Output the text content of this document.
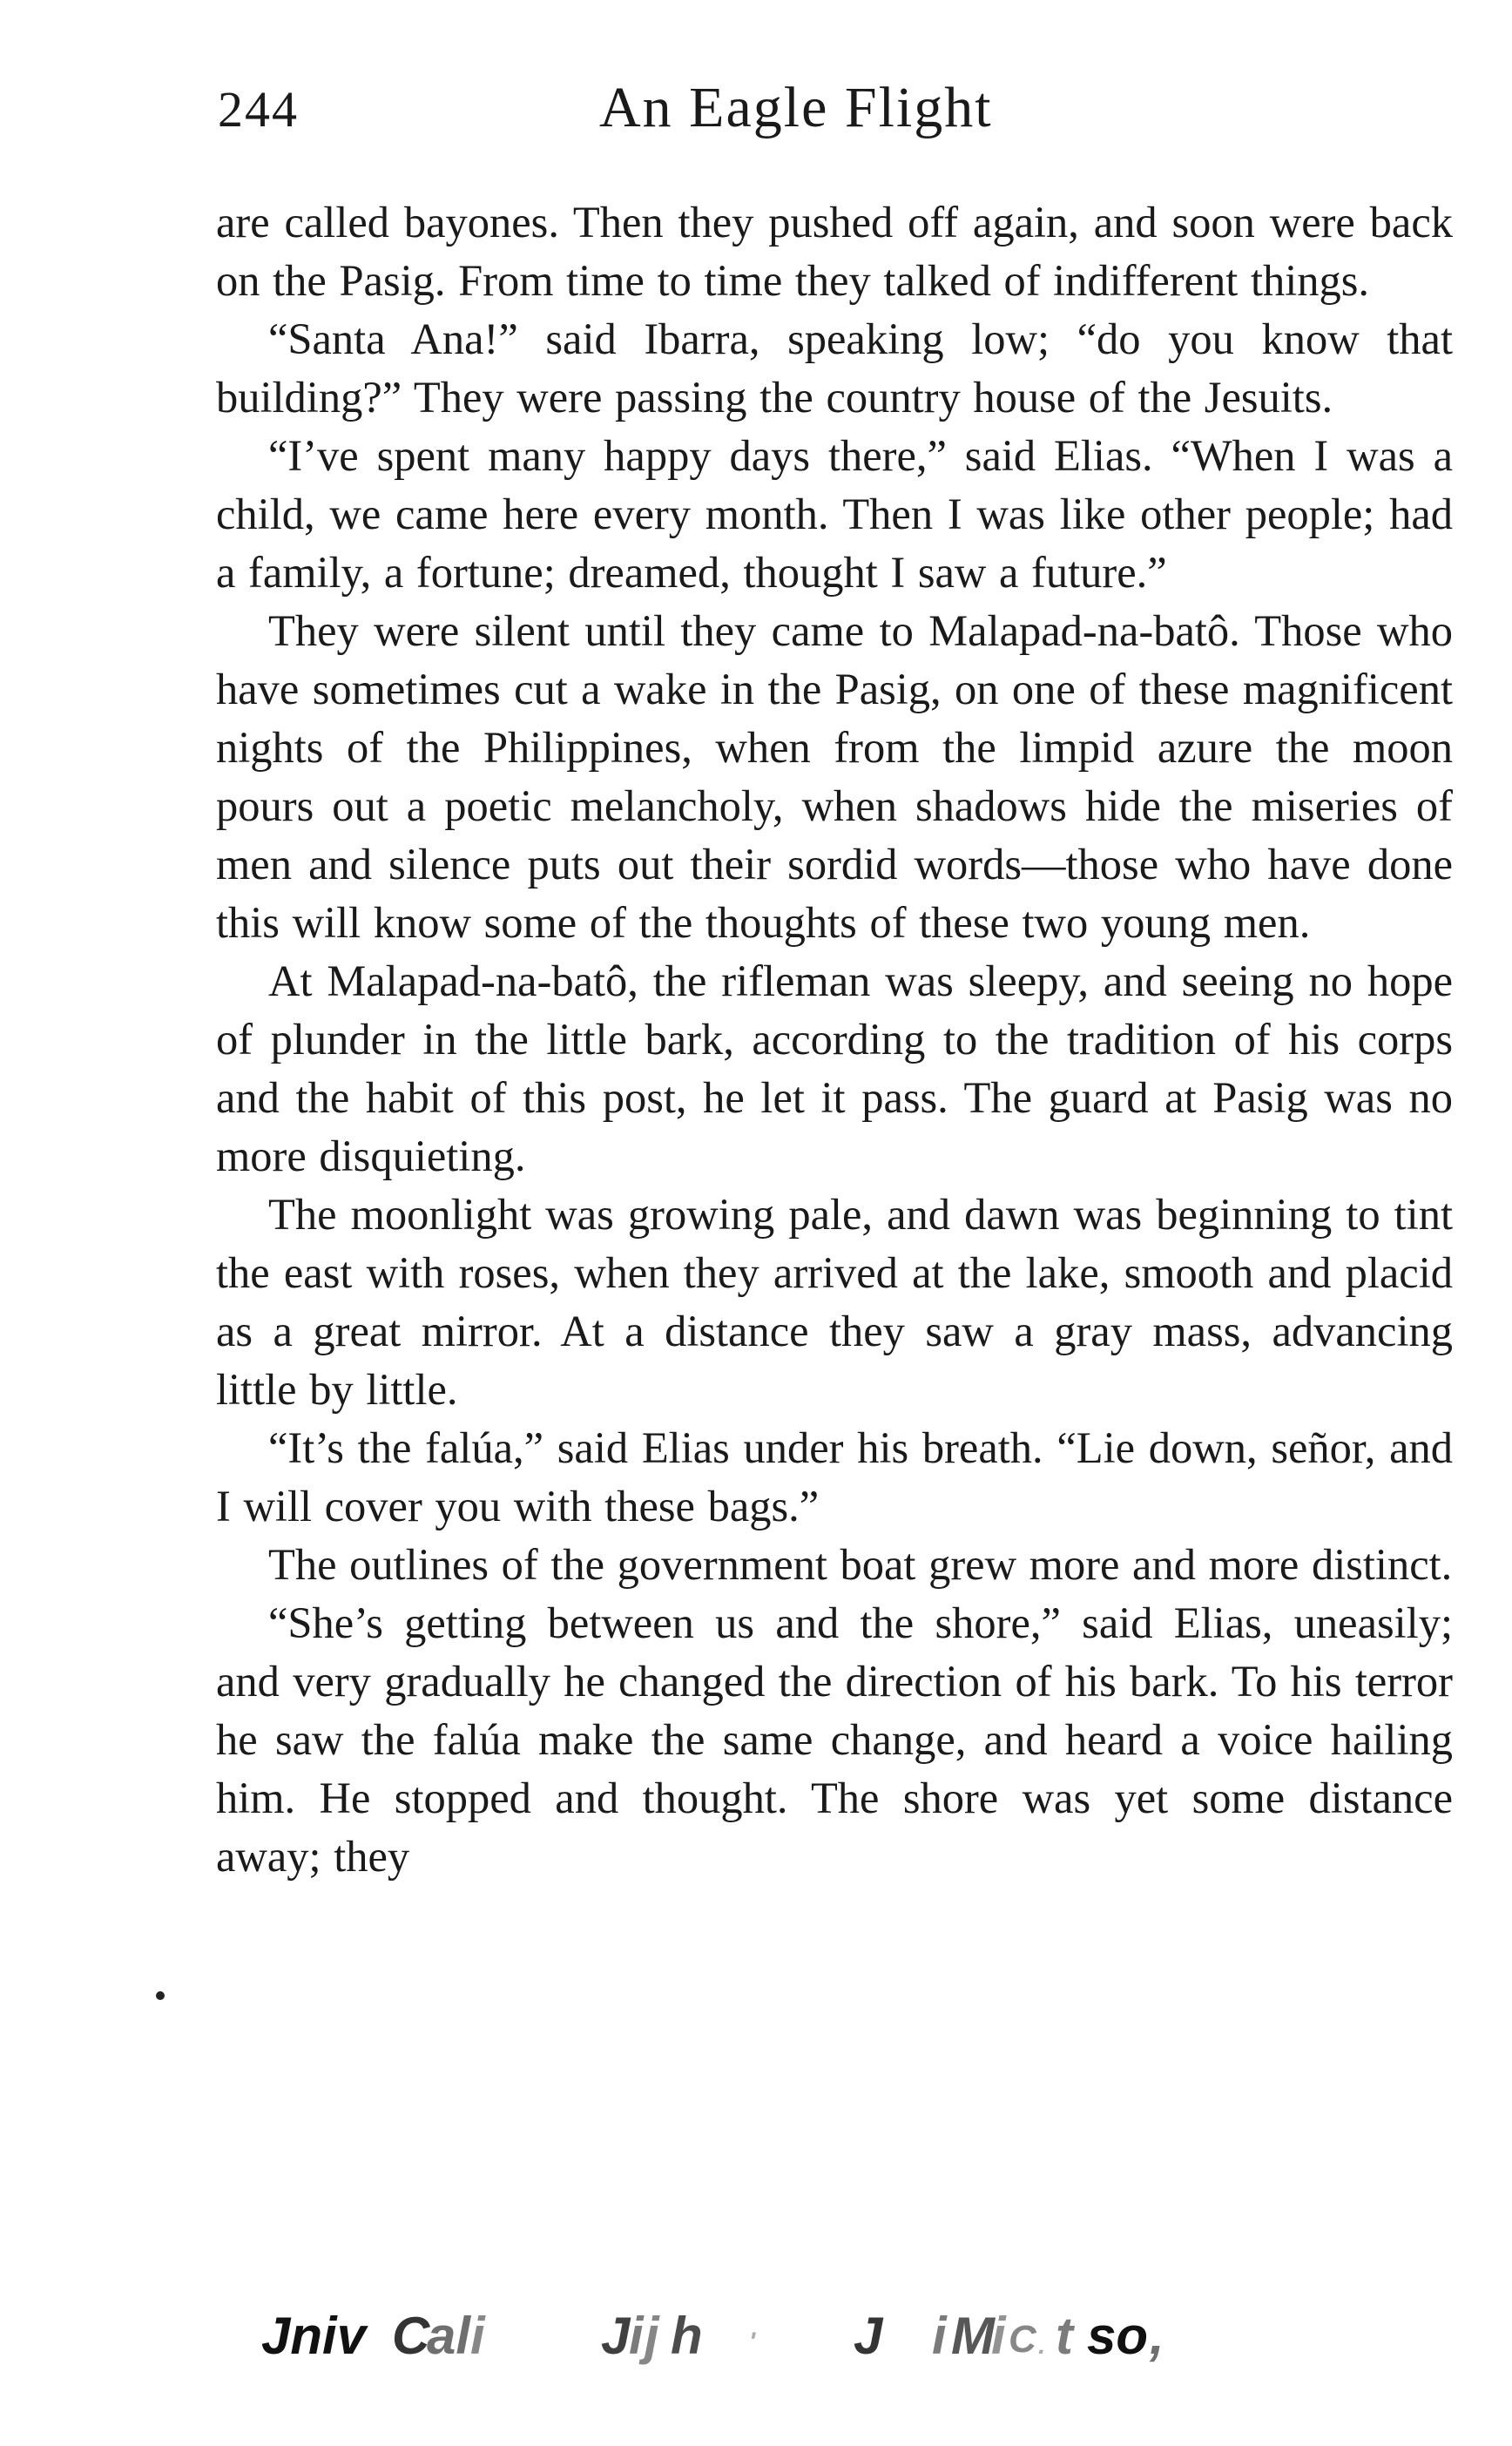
244	An Eagle Flight

are called bayones. Then they pushed off again, and soon were back on the Pasig. From time to time they talked of indifferent things.

“Santa Ana!” said Ibarra, speaking low; “do you know that building?” They were passing the country house of the Jesuits.

“I’ve spent many happy days there,” said Elias. “When I was a child, we came here every month. Then I was like other people; had a family, a fortune; dreamed, thought I saw a future.”

They were silent until they came to Malapad-na-batô. Those who have sometimes cut a wake in the Pasig, on one of these magnificent nights of the Philippines, when from the limpid azure the moon pours out a poetic melancholy, when shadows hide the miseries of men and silence puts out their sordid words—those who have done this will know some of the thoughts of these two young men.

At Malapad-na-batô, the rifleman was sleepy, and seeing no hope of plunder in the little bark, according to the tradition of his corps and the habit of this post, he let it pass. The guard at Pasig was no more disquieting.

The moonlight was growing pale, and dawn was beginning to tint the east with roses, when they arrived at the lake, smooth and placid as a great mirror. At a distance they saw a gray mass, advancing little by little.

“It’s the falúa,” said Elias under his breath. “Lie down, señor, and I will cover you with these bags.”

The outlines of the government boat grew more and more distinct.

“She’s getting between us and the shore,” said Elias, uneasily; and very gradually he changed the direction of his bark. To his terror he saw the falúa make the same change, and heard a voice hailing him. He stopped and thought. The shore was yet some distance away; they

Jniv C
al i J
i j h ' J i M
i C . t so ,
